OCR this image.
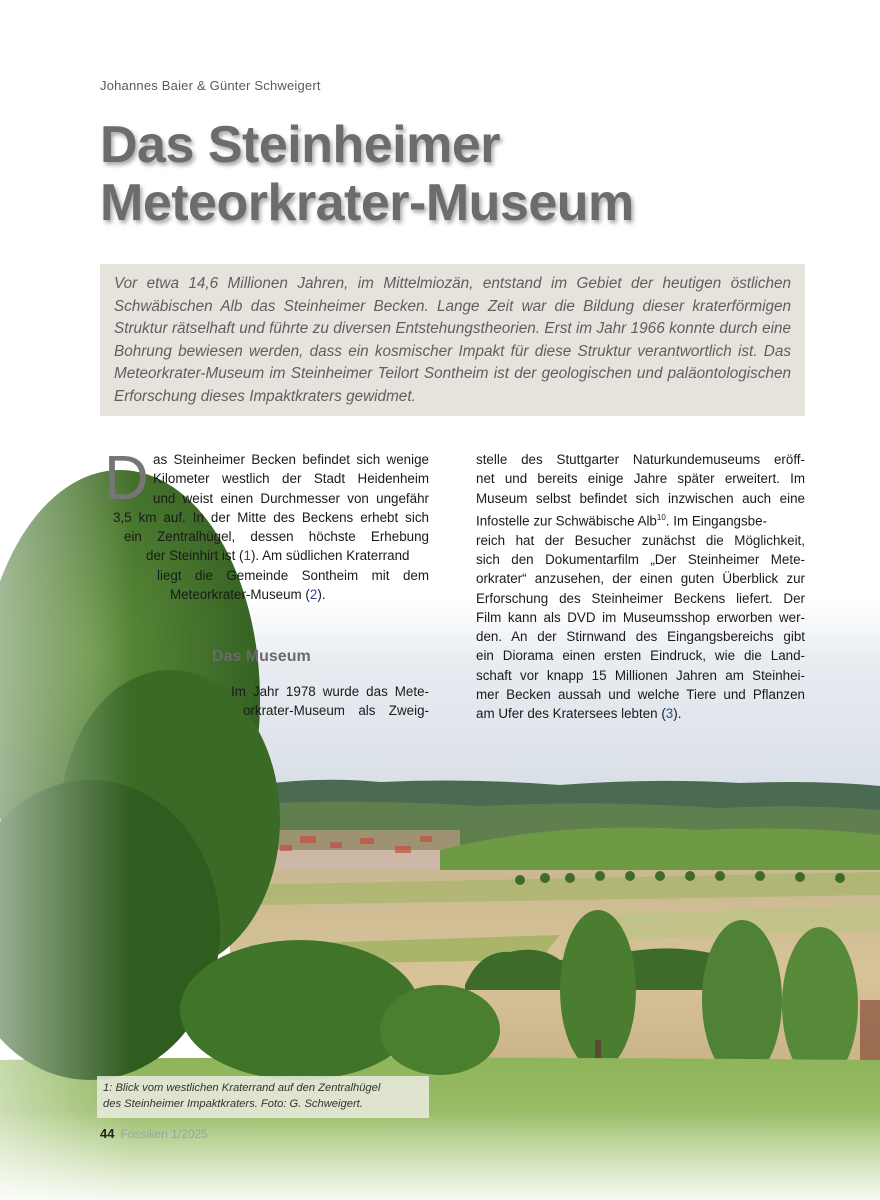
Johannes Baier & Günter Schweigert
Das Steinheimer
Meteorkrater-Museum

Vor etwa 14,6 Millionen Jahren, im Mittelmiozän, entstand im Gebiet der heutigen östlichen Schwäbischen Alb das Steinheimer Becken. Lange Zeit war die Bildung dieser kraterförmigen Struktur rätselhaft und führte zu diversen Entstehungstheorien. Erst im Jahr 1966 konnte durch eine Bohrung bewiesen werden, dass ein kosmischer Impakt für diese Struktur verantwortlich ist. Das Meteorkrater-Museum im Steinheimer Teilort Sontheim ist der geologischen und paläontologischen Erforschung dieses Impaktkraters gewidmet.

D as Steinheimer Becken befindet sich wenige
Kilometer westlich der Stadt Heidenheim
und weist einen Durchmesser von ungefähr
3,5 km auf. In der Mitte des Beckens erhebt sich
ein Zentralhügel, dessen höchste Erhebung
der Steinhirt ist (1). Am südlichen Kraterrand
liegt die Gemeinde Sontheim mit dem
Meteorkrater-Museum (2).
Das Museum
Im Jahr 1978 wurde das Mete-
orkrater-Museum als Zweig-
stelle des Stuttgarter Naturkundemuseums eröff-
net und bereits einige Jahre später erweitert. Im
Museum selbst befindet sich inzwischen auch eine
Infostelle zur Schwäbische Alb$^{10}$. Im Eingangsbe-
reich hat der Besucher zunächst die Möglichkeit,
sich den Dokumentarfilm „Der Steinheimer Mete-
orkrater“ anzusehen, der einen guten Überblick zur
Erforschung des Steinheimer Beckens liefert. Der
Film kann als DVD im Museumsshop erworben wer-
den. An der Stirnwand des Eingangsbereichs gibt
ein Diorama einen ersten Eindruck, wie die Land-
schaft vor knapp 15 Millionen Jahren am Steinhei-
mer Becken aussah und welche Tiere und Pflanzen
am Ufer des Kratersees lebten (3).
1: Blick vom westlichen Kraterrand auf den Zentralhügel
des Steinheimer Impaktkraters. Foto: G. Schweigert.
44 Fossilien 1/2025
